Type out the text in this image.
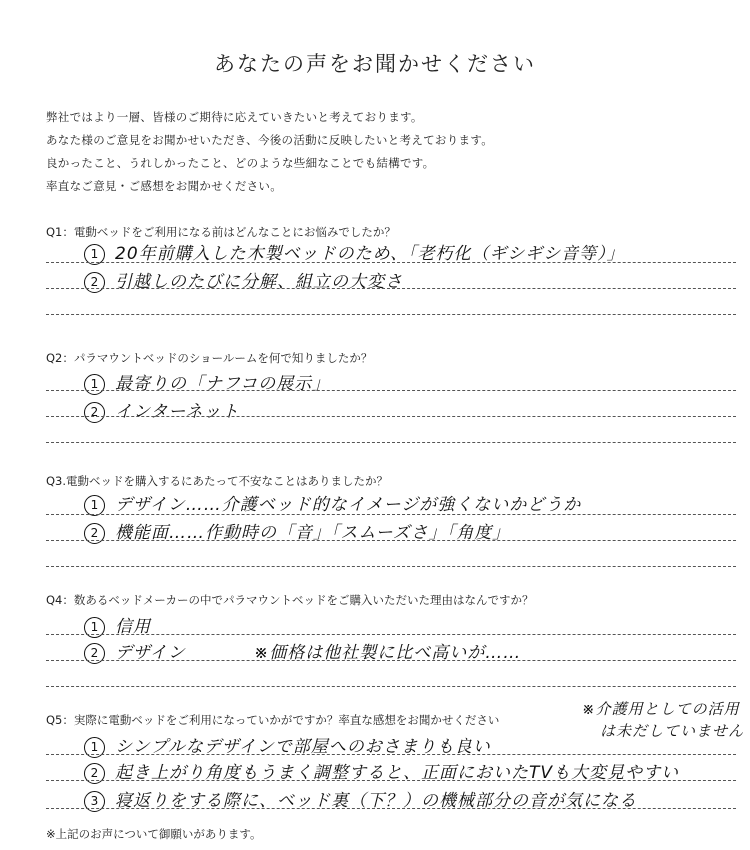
あなたの声をお聞かせください
弊社ではより一層、皆様のご期待に応えていきたいと考えております。
あなた様のご意見をお聞かせいただき、今後の活動に反映したいと考えております。
良かったこと、うれしかったこと、どのような些細なことでも結構です。
率直なご意見・ご感想をお聞かせください。
Q1：電動ベッドをご利用になる前はどんなことにお悩みでしたか？
1 20年前購入した木製ベッドのため、「老朽化（ギシギシ音等）」
2 引越しのたびに分解、組立の大変さ
Q2：パラマウントベッドのショールームを何で知りましたか？
1 最寄りの「ナフコの展示」
2 インターネット
Q3.電動ベッドを購入するにあたって不安なことはありましたか？
1 デザイン……介護ベッド的なイメージが強くないかどうか
2 機能面……作動時の「音」「スムーズさ」「角度」
Q4：数あるベッドメーカーの中でパラマウントベッドをご購入いただいた理由はなんですか？
1 信用
2 デザイン	※価格は他社製に比べ高いが……
Q5：実際に電動ベッドをご利用になっていかがですか？率直な感想をお聞かせください
※介護用としての活用
は未だしていません
1 シンプルなデザインで部屋へのおさまりも良い
2 起き上がり角度もうまく調整すると、正面においたTVも大変見やすい
3 寝返りをする際に、ベッド裏（下？）の機械部分の音が気になる
※上記のお声について御願いがあります。
